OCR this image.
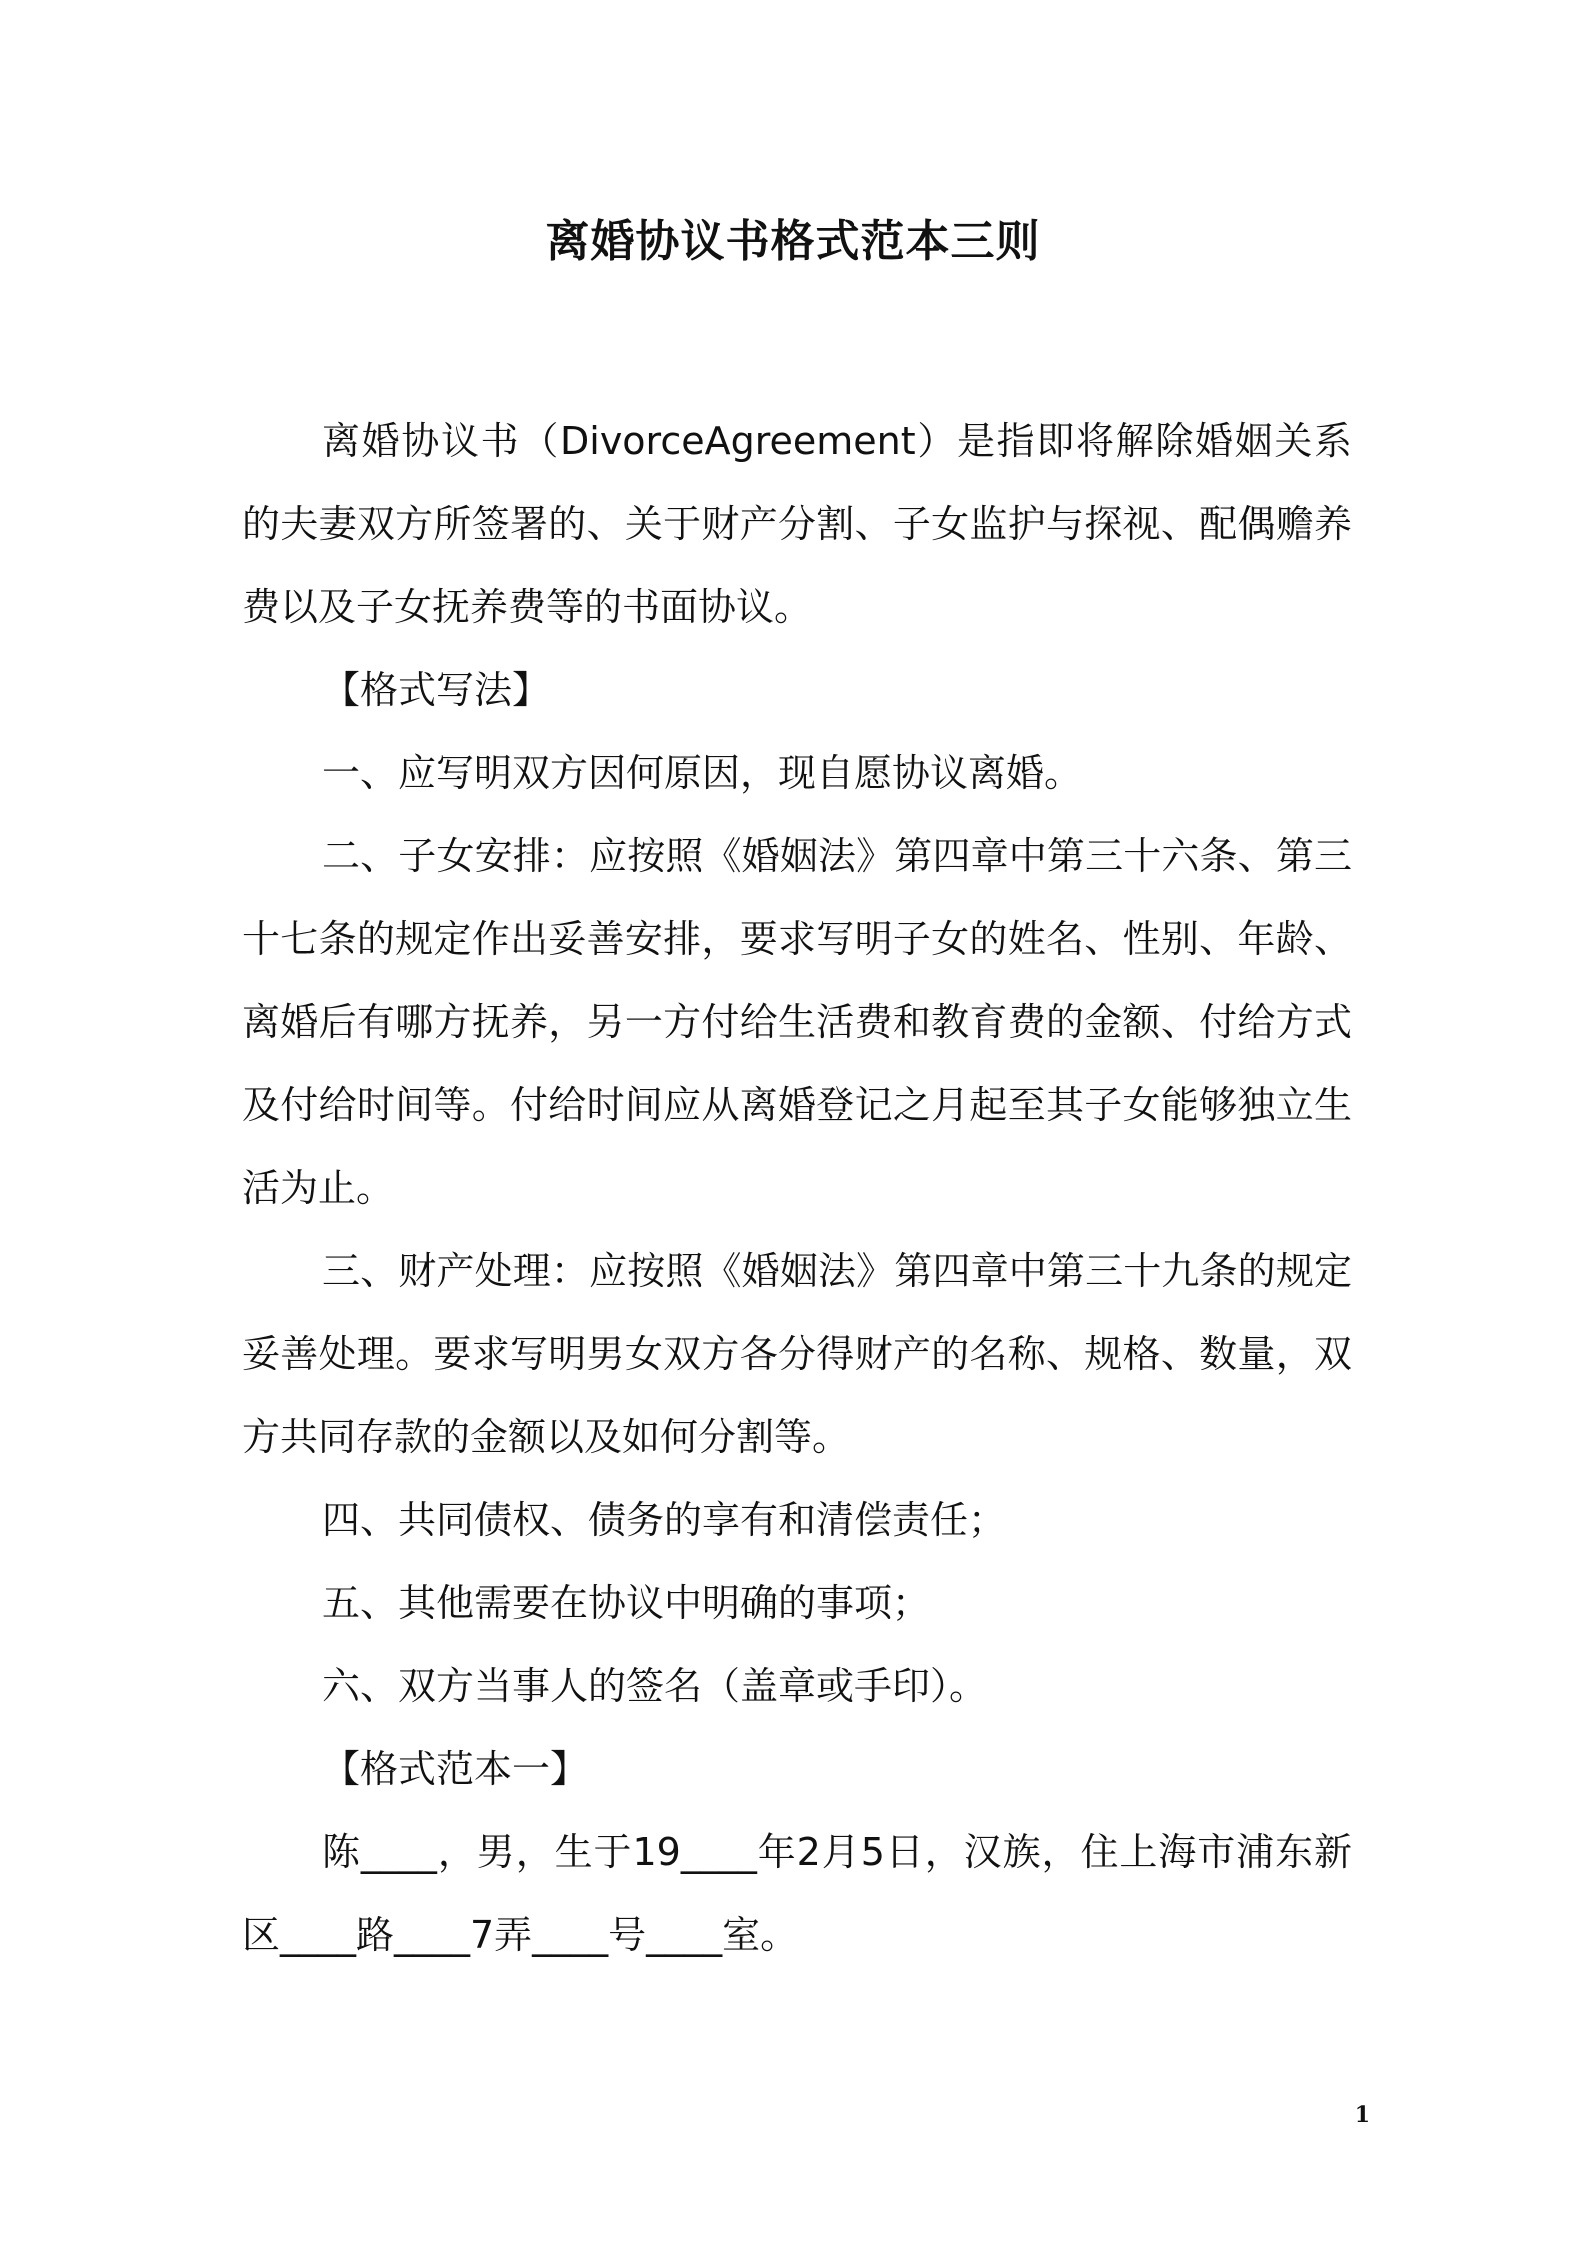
离婚协议书格式范本三则

离婚协议书（DivorceAgreement）是指即将解除婚姻关系的夫妻双方所签署的、关于财产分割、子女监护与探视、配偶赡养费以及子女抚养费等的书面协议。

【格式写法】

一、应写明双方因何原因，现自愿协议离婚。

二、子女安排：应按照《婚姻法》第四章中第三十六条、第三十七条的规定作出妥善安排，要求写明子女的姓名、性别、年龄、离婚后有哪方抚养，另一方付给生活费和教育费的金额、付给方式及付给时间等。付给时间应从离婚登记之月起至其子女能够独立生活为止。

三、财产处理：应按照《婚姻法》第四章中第三十九条的规定妥善处理。要求写明男女双方各分得财产的名称、规格、数量，双方共同存款的金额以及如何分割等。

四、共同债权、债务的享有和清偿责任；

五、其他需要在协议中明确的事项；

六、双方当事人的签名（盖章或手印）。

【格式范本一】

陈____，男，生于19____年2月5日，汉族，住上海市浦东新区____路____7弄____号____室。

1
